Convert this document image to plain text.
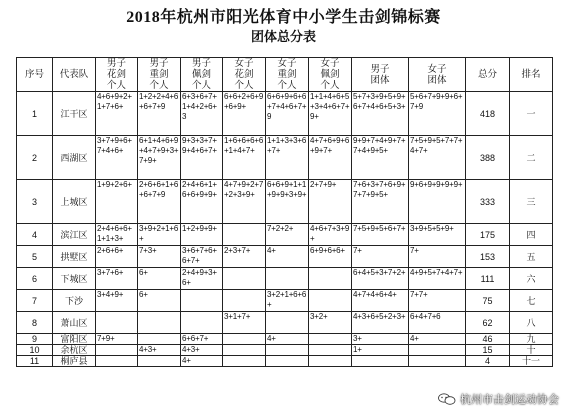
2018年杭州市阳光体育中小学生击剑锦标赛
团体总分表
序号	代表队	男子花剑个人	男子重剑个人	男子佩剑个人	女子花剑个人	女子重剑个人	女子佩剑个人	男子团体	女子团体	总分	排名
1	江干区	4+6+9+2+1+7+6+	1+2+2+4+6+6+7+9	6+3+6+7+1+4+2+6+3	6+6+2+6+9+6+9+	6+6+9+6+6+7+4+6+7+9	1+1+4+6+5+3+4+6+7+9+	5+7+3+9+5+9+6+7+4+6+5+3+	5+6+7+9+9+6+7+9	418	一
2	西湖区	3+7+9+6+7+4+6+	6+1+4+6+9+4+7+9+3+7+9+	9+3+3+7+9+4+6+7+	1+6+6+6+6+1+4+7+	1+1+3+3+6+7+	4+7+6+9+6+9+7+	9+9+7+4+9+7+7+4+9+5+	7+5+9+5+7+7+4+7+	388	二
3	上城区	1+9+2+6+	2+6+6+1+6+6+7+9	2+4+6+1+6+6+9+9+	4+7+9+2+7+2+3+9+	6+6+9+1+1+9+9+3+9+	2+7+9+	7+6+3+7+6+9+7+7+9+5+	9+6+9+9+9+9+	333	三
4	滨江区	2+4+6+6+1+1+3+	3+9+2+1+6+	1+2+9+9+		7+2+2+	4+6+7+3+9+	7+5+9+5+6+7+	3+9+5+5+9+	175	四
5	拱墅区	2+6+6+	7+3+	3+6+7+6+6+7+	2+3+7+	4+	6+9+6+6+	7+	7+	153	五
6	下城区	3+7+6+	6+	2+4+9+3+6+				6+4+5+3+7+2+	4+9+5+7+4+7+	111	六
7	下沙	3+4+9+	6+			3+2+1+6+6+		4+7+4+6+4+	7+7+	75	七
8	萧山区				3+1+7+		3+2+	4+3+6+5+2+3+	6+4+7+6	62	八
9	富阳区	7+9+		6+6+7+		4+		3+	4+	46	九
10	余杭区		4+3+	4+3+				1+		15	十
11	桐庐县			4+						4	十一
杭州市击剑运动协会
